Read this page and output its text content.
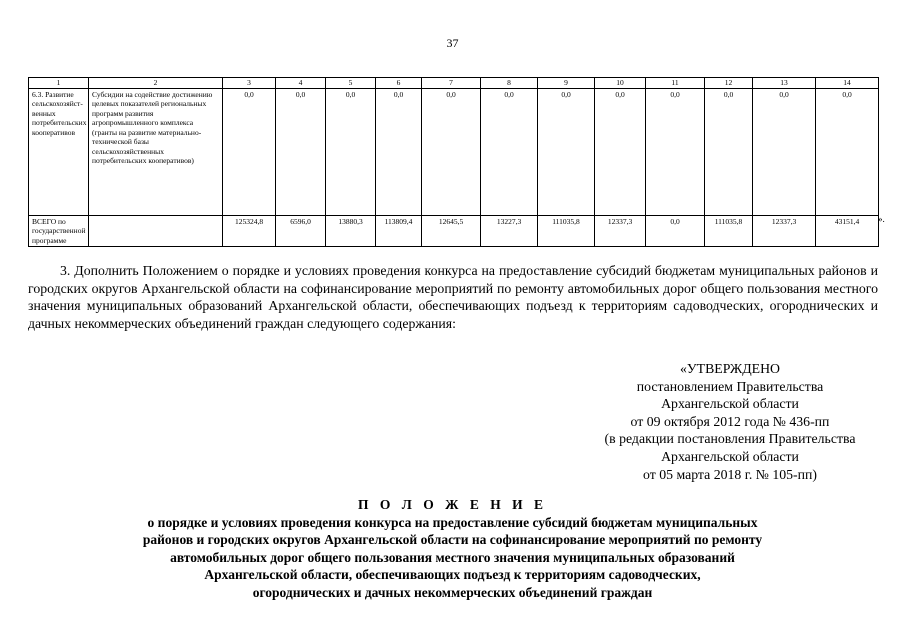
37
1	2	3	4	5	6	7	8	9	10	11	12	13	14
6.3. Развитие сельскохозяйст-венных потребительских кооперативов	Субсидии на содействие достижению целевых показателей региональных программ развития агропромышленного комплекса (гранты на развитие материально-технической базы сельскохозяйственных потребительских кооперативов)	0,0	0,0	0,0	0,0	0,0	0,0	0,0	0,0	0,0	0,0	0,0	0,0
ВСЕГО по государственной программе		125324,8	6596,0	13880,3	113809,4	12645,5	13227,3	111035,8	12337,3	0,0	111035,8	12337,3	43151,4 ».

3. Дополнить Положением о порядке и условиях проведения конкурса на предоставление субсидий бюджетам муниципальных районов и городских округов Архангельской области на софинансирование мероприятий по ремонту автомобильных дорог общего пользования местного значения муниципальных образований Архангельской области, обеспечивающих подъезд к территориям садоводческих, огороднических и дачных некоммерческих объединений граждан следующего содержания:

«УТВЕРЖДЕНО
постановлением Правительства
Архангельской области
от 09 октября 2012 года № 436-пп
(в редакции постановления Правительства
Архангельской области
от 05 марта 2018 г. № 105-пп)
П О Л О Ж Е Н И Е
о порядке и условиях проведения конкурса на предоставление субсидий бюджетам муниципальных
районов и городских округов Архангельской области на софинансирование мероприятий по ремонту
автомобильных дорог общего пользования местного значения муниципальных образований
Архангельской области, обеспечивающих подъезд к территориям садоводческих,
огороднических и дачных некоммерческих объединений граждан
